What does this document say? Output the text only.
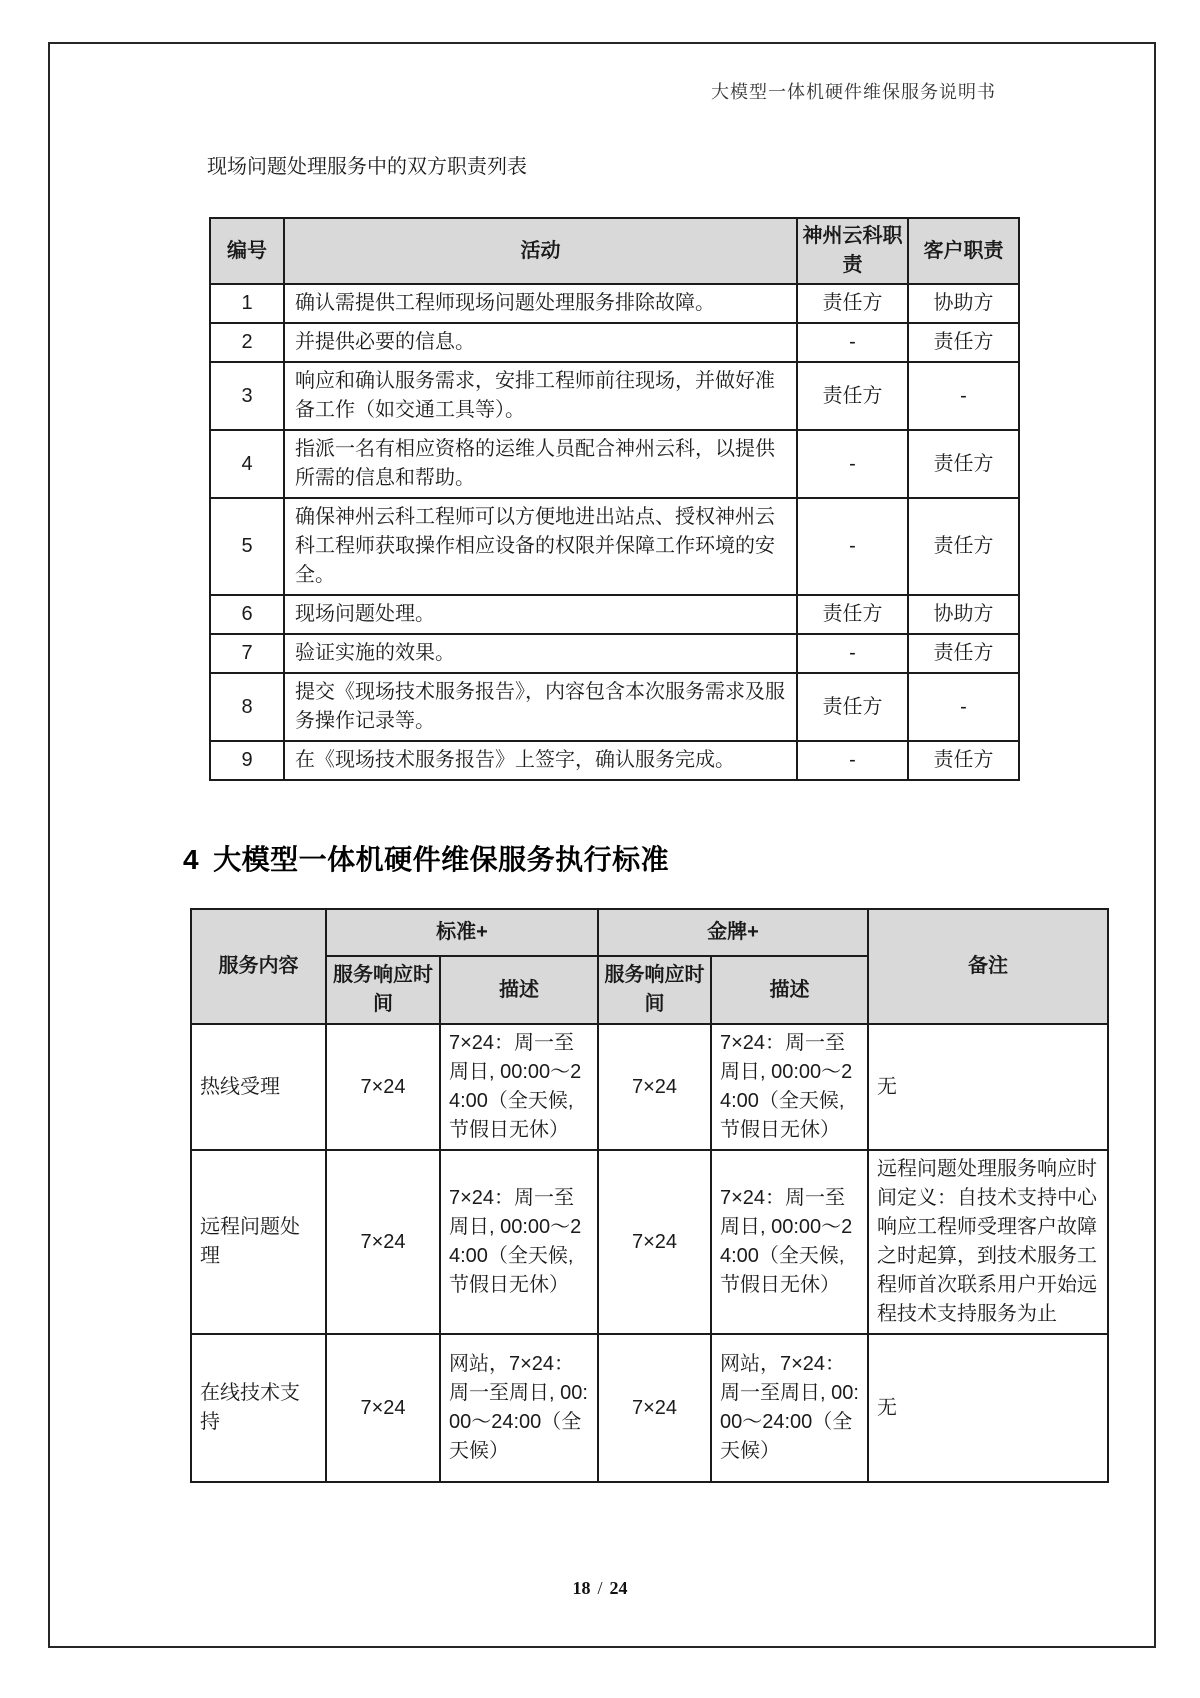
大模型一体机硬件维保服务说明书

现场问题处理服务中的双方职责列表

编号	活动	神州云科职责	客户职责
1	确认需提供工程师现场问题处理服务排除故障。	责任方	协助方
2	并提供必要的信息。	-	责任方
3	响应和确认服务需求，安排工程师前往现场，并做好准备工作（如交通工具等）。	责任方	-
4	指派一名有相应资格的运维人员配合神州云科，以提供所需的信息和帮助。	-	责任方
5	确保神州云科工程师可以方便地进出站点、授权神州云科工程师获取操作相应设备的权限并保障工作环境的安全。	-	责任方
6	现场问题处理。	责任方	协助方
7	验证实施的效果。	-	责任方
8	提交《现场技术服务报告》，内容包含本次服务需求及服务操作记录等。	责任方	-
9	在《现场技术服务报告》上签字，确认服务完成。	-	责任方
4 大模型一体机硬件维保服务执行标准
服务内容	标准+		金牌+		备注
	服务响应时间	描述	服务响应时间	描述	
热线受理	7×24	7×24：周一至周日, 00:00～24:00（全天候, 节假日无休）	7×24	7×24：周一至周日, 00:00～24:00（全天候, 节假日无休）	无
远程问题处理	7×24	7×24：周一至周日, 00:00～24:00（全天候, 节假日无休）	7×24	7×24：周一至周日, 00:00～24:00（全天候, 节假日无休）	远程问题处理服务响应时间定义：自技术支持中心响应工程师受理客户故障之时起算，到技术服务工程师首次联系用户开始远程技术支持服务为止
在线技术支持	7×24	网站，7×24：周一至周日, 00:00～24:00（全天候）	7×24	网站，7×24：周一至周日, 00:00～24:00（全天候）	无
18 / 24
